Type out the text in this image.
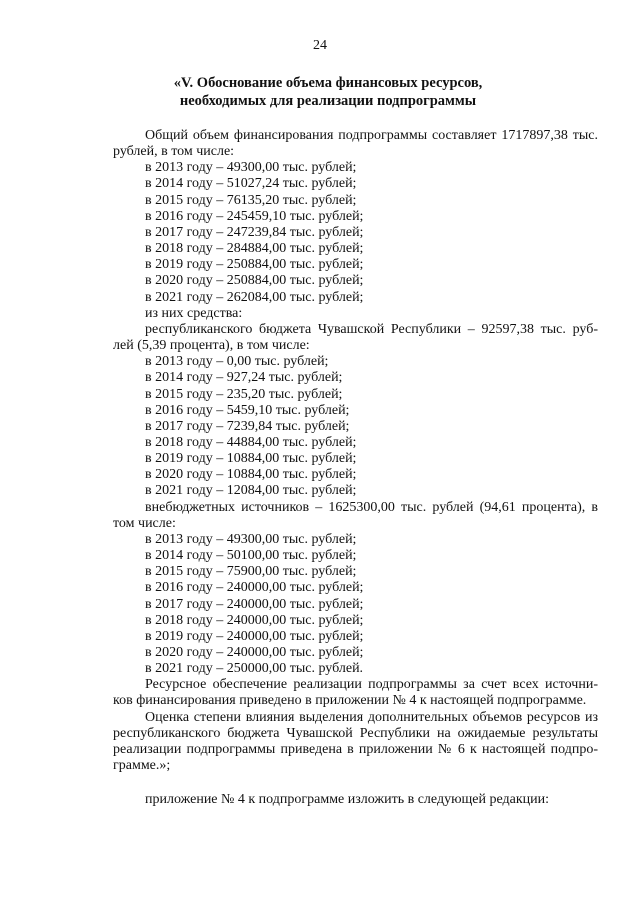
24
«V. Обоснование объема финансовых ресурсов,
необходимых для реализации подпрограммы

Общий объем финансирования подпрограммы составляет 1717897,38 тыс.

рублей, в том числе:

в 2013 году – 49300,00 тыс. рублей;

в 2014 году – 51027,24 тыс. рублей;

в 2015 году – 76135,20 тыс. рублей;

в 2016 году – 245459,10 тыс. рублей;

в 2017 году – 247239,84 тыс. рублей;

в 2018 году – 284884,00 тыс. рублей;

в 2019 году – 250884,00 тыс. рублей;

в 2020 году – 250884,00 тыс. рублей;

в 2021 году – 262084,00 тыс. рублей;

из них средства:

республиканского бюджета Чувашской Республики – 92597,38 тыс. руб-

лей (5,39 процента), в том числе:

в 2013 году – 0,00 тыс. рублей;

в 2014 году – 927,24 тыс. рублей;

в 2015 году – 235,20 тыс. рублей;

в 2016 году – 5459,10 тыс. рублей;

в 2017 году – 7239,84 тыс. рублей;

в 2018 году – 44884,00 тыс. рублей;

в 2019 году – 10884,00 тыс. рублей;

в 2020 году – 10884,00 тыс. рублей;

в 2021 году – 12084,00 тыс. рублей;

внебюджетных источников – 1625300,00 тыс. рублей (94,61 процента), в

том числе:

в 2013 году – 49300,00 тыс. рублей;

в 2014 году – 50100,00 тыс. рублей;

в 2015 году – 75900,00 тыс. рублей;

в 2016 году – 240000,00 тыс. рублей;

в 2017 году – 240000,00 тыс. рублей;

в 2018 году – 240000,00 тыс. рублей;

в 2019 году – 240000,00 тыс. рублей;

в 2020 году – 240000,00 тыс. рублей;

в 2021 году – 250000,00 тыс. рублей.

Ресурсное обеспечение реализации подпрограммы за счет всех источни-

ков финансирования приведено в приложении № 4 к настоящей подпрограмме.

Оценка степени влияния выделения дополнительных объемов ресурсов из

республиканского бюджета Чувашской Республики на ожидаемые результаты

реализации подпрограммы приведена в приложении № 6 к настоящей подпро-

грамме.»;

приложение № 4 к подпрограмме изложить в следующей редакции:
